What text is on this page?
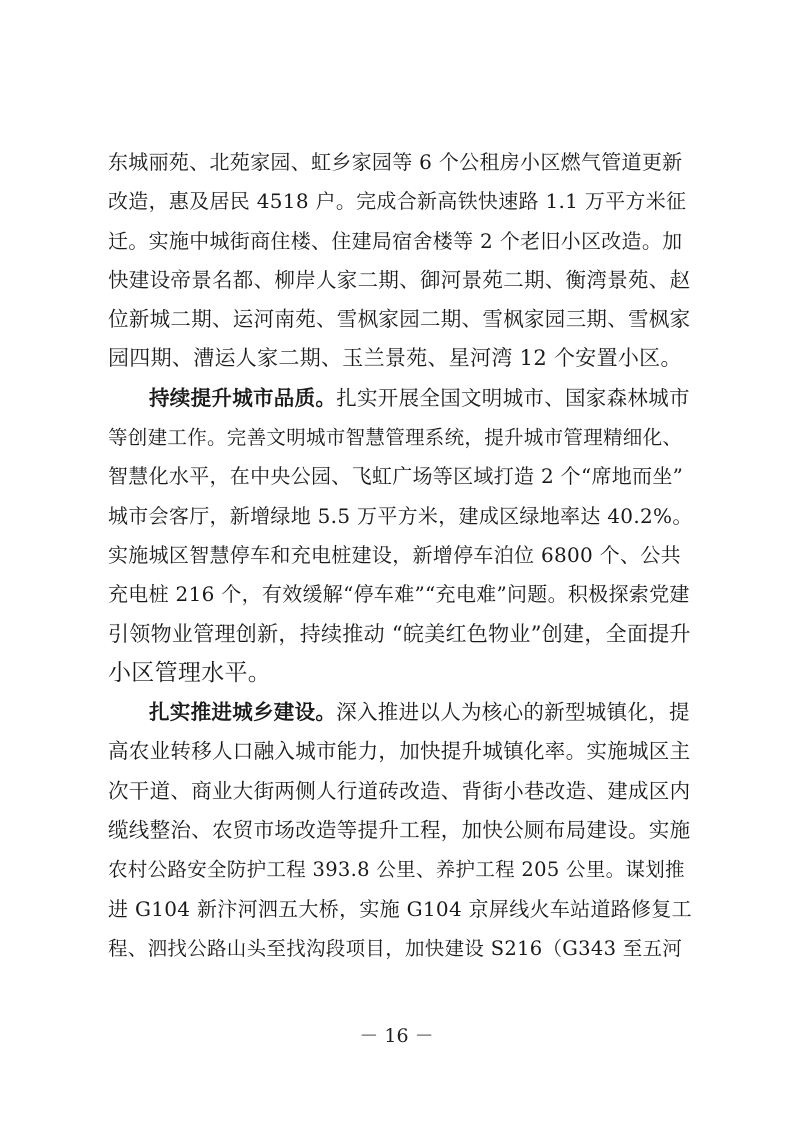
东城丽苑、北苑家园、虹乡家园等 6 个公租房小区燃气管道更新
改造，惠及居民 4518 户。完成合新高铁快速路 1.1 万平方米征
迁。实施中城街商住楼、住建局宿舍楼等 2 个老旧小区改造。加
快建设帝景名都、柳岸人家二期、御河景苑二期、衡湾景苑、赵
位新城二期、运河南苑、雪枫家园二期、雪枫家园三期、雪枫家
园四期、漕运人家二期、玉兰景苑、星河湾 12 个安置小区。
持续提升城市品质。扎实开展全国文明城市、国家森林城市
等创建工作。完善文明城市智慧管理系统，提升城市管理精细化、
智慧化水平，在中央公园、飞虹广场等区域打造 2 个“席地而坐”
城市会客厅，新增绿地 5.5 万平方米，建成区绿地率达 40.2%。
实施城区智慧停车和充电桩建设，新增停车泊位 6800 个、公共
充电桩 216 个，有效缓解“停车难”“充电难”问题。积极探索党建
引领物业管理创新，持续推动 “皖美红色物业”创建，全面提升
小区管理水平。
扎实推进城乡建设。深入推进以人为核心的新型城镇化，提
高农业转移人口融入城市能力，加快提升城镇化率。实施城区主
次干道、商业大街两侧人行道砖改造、背街小巷改造、建成区内
缆线整治、农贸市场改造等提升工程，加快公厕布局建设。实施
农村公路安全防护工程 393.8 公里、养护工程 205 公里。谋划推
进 G104 新汴河泗五大桥，实施 G104 京屏线火车站道路修复工
程、泗找公路山头至找沟段项目，加快建设 S216（G343 至五河
－ 16 －
